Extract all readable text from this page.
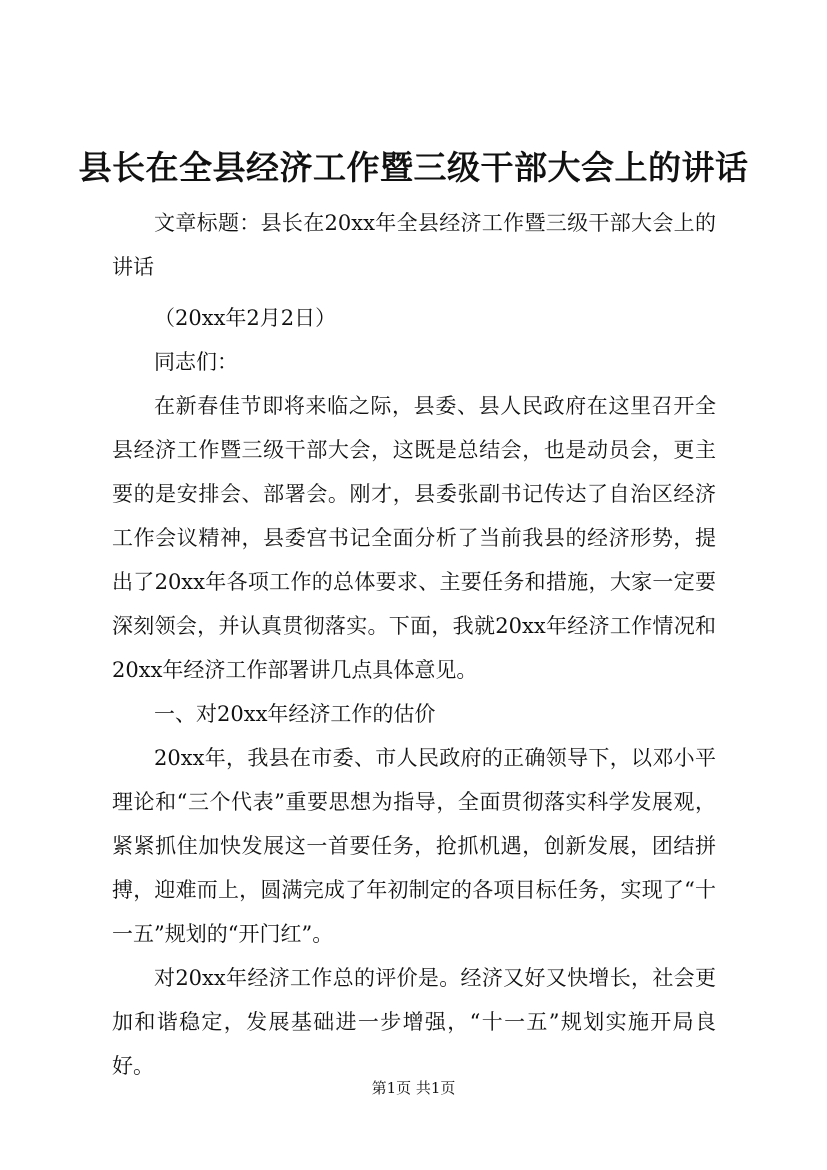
县长在全县经济工作暨三级干部大会上的讲话

文章标题：县长在20xx年全县经济工作暨三级干部大会上的讲话

（20xx年2月2日）

同志们：

在新春佳节即将来临之际，县委、县人民政府在这里召开全县经济工作暨三级干部大会，这既是总结会，也是动员会，更主要的是安排会、部署会。刚才，县委张副书记传达了自治区经济工作会议精神，县委宫书记全面分析了当前我县的经济形势，提出了20xx年各项工作的总体要求、主要任务和措施，大家一定要深刻领会，并认真贯彻落实。下面，我就20xx年经济工作情况和20xx年经济工作部署讲几点具体意见。

一、对20xx年经济工作的估价

20xx年，我县在市委、市人民政府的正确领导下，以邓小平理论和“三个代表”重要思想为指导，全面贯彻落实科学发展观，紧紧抓住加快发展这一首要任务，抢抓机遇，创新发展，团结拼搏，迎难而上，圆满完成了年初制定的各项目标任务，实现了“十一五”规划的“开门红”。

对20xx年经济工作总的评价是。经济又好又快增长，社会更加和谐稳定，发展基础进一步增强，“十一五”规划实施开局良好。

第1页 共1页
